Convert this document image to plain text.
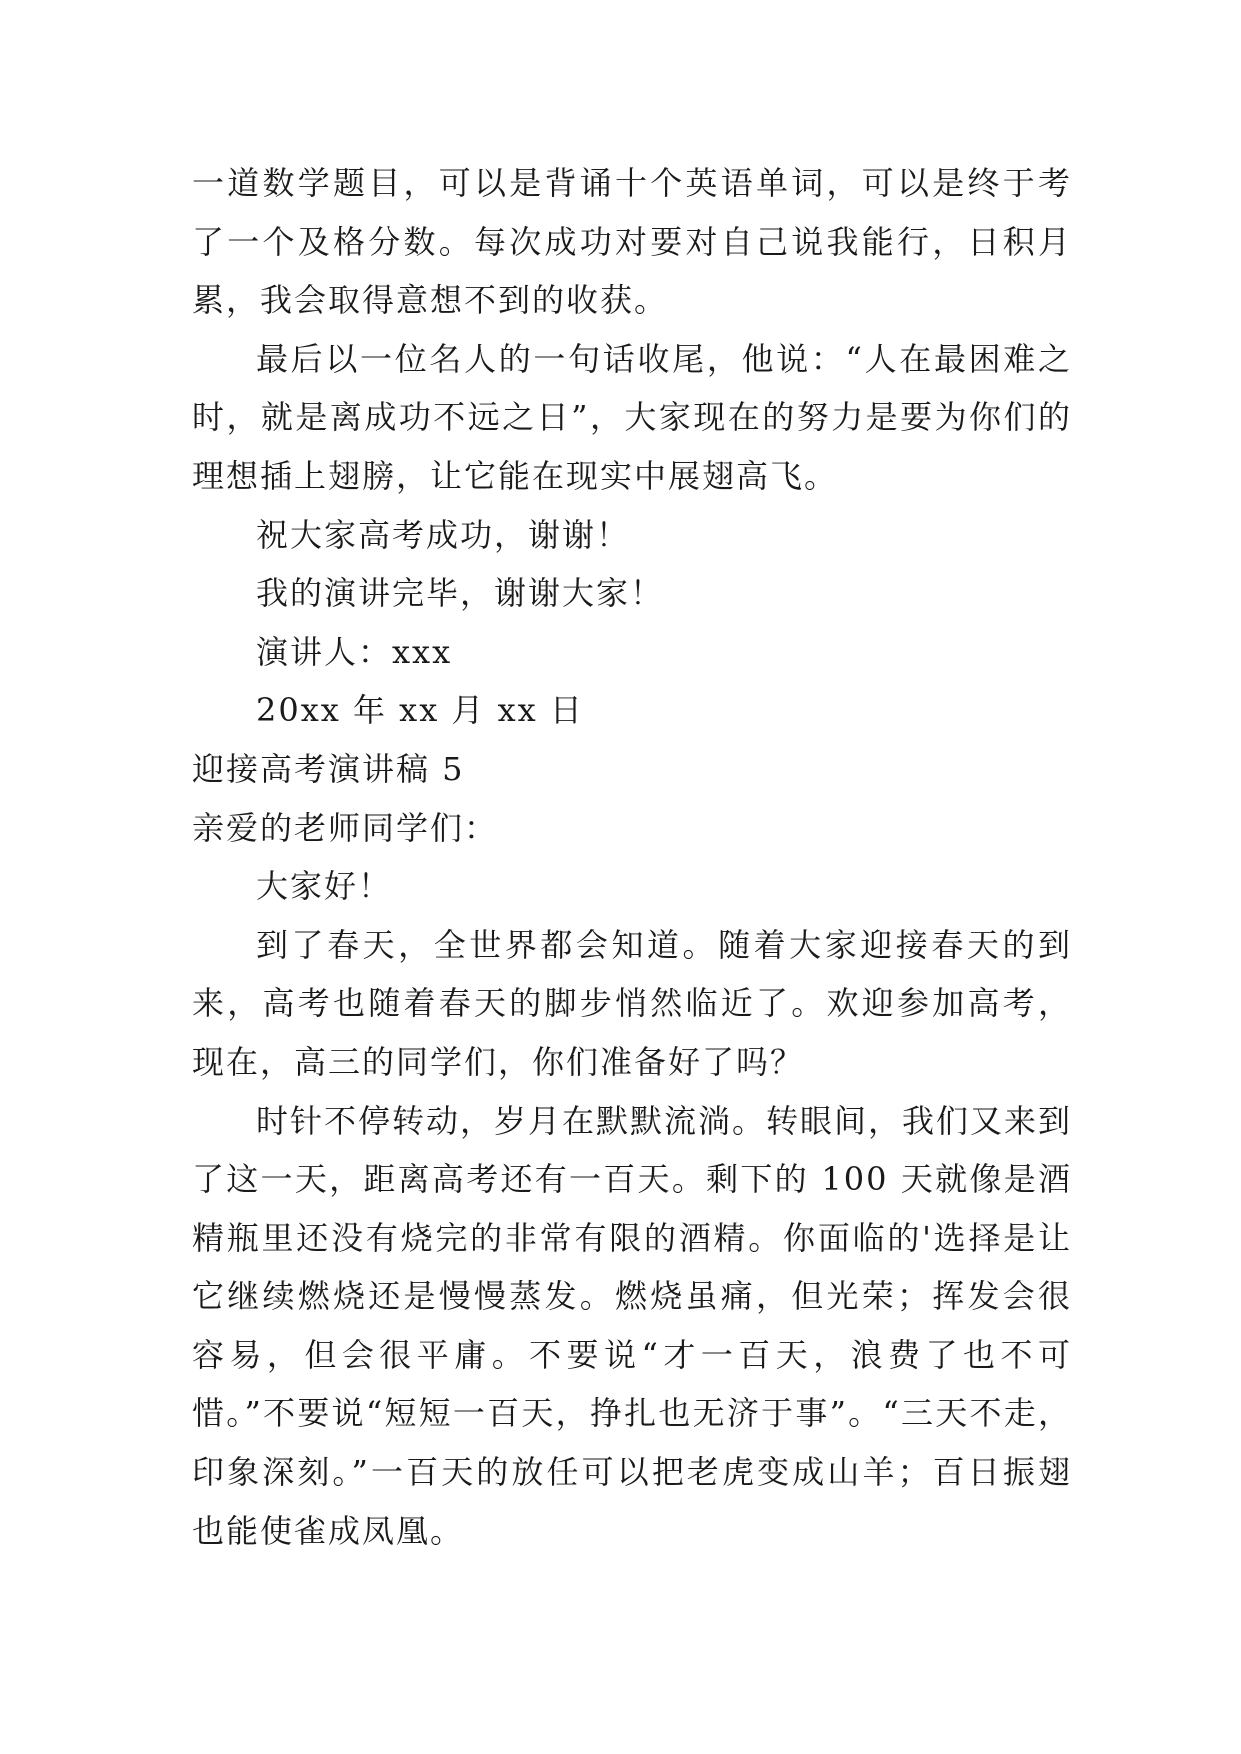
一道数学题目，可以是背诵十个英语单词，可以是终于考了一个及格分数。每次成功对要对自己说我能行，日积月累，我会取得意想不到的收获。

最后以一位名人的一句话收尾，他说：“人在最困难之时，就是离成功不远之日”，大家现在的努力是要为你们的理想插上翅膀，让它能在现实中展翅高飞。

祝大家高考成功，谢谢！

我的演讲完毕，谢谢大家！

演讲人：xxx

20xx 年 xx 月 xx 日

迎接高考演讲稿 5

亲爱的老师同学们：

大家好！

到了春天，全世界都会知道。随着大家迎接春天的到来，高考也随着春天的脚步悄然临近了。欢迎参加高考，现在，高三的同学们，你们准备好了吗？

时针不停转动，岁月在默默流淌。转眼间，我们又来到了这一天，距离高考还有一百天。剩下的 100 天就像是酒精瓶里还没有烧完的非常有限的酒精。你面临的'选择是让它继续燃烧还是慢慢蒸发。燃烧虽痛，但光荣；挥发会很容易，但会很平庸。不要说“才一百天，浪费了也不可惜。”不要说“短短一百天，挣扎也无济于事”。“三天不走，印象深刻。”一百天的放任可以把老虎变成山羊；百日振翅也能使雀成凤凰。
